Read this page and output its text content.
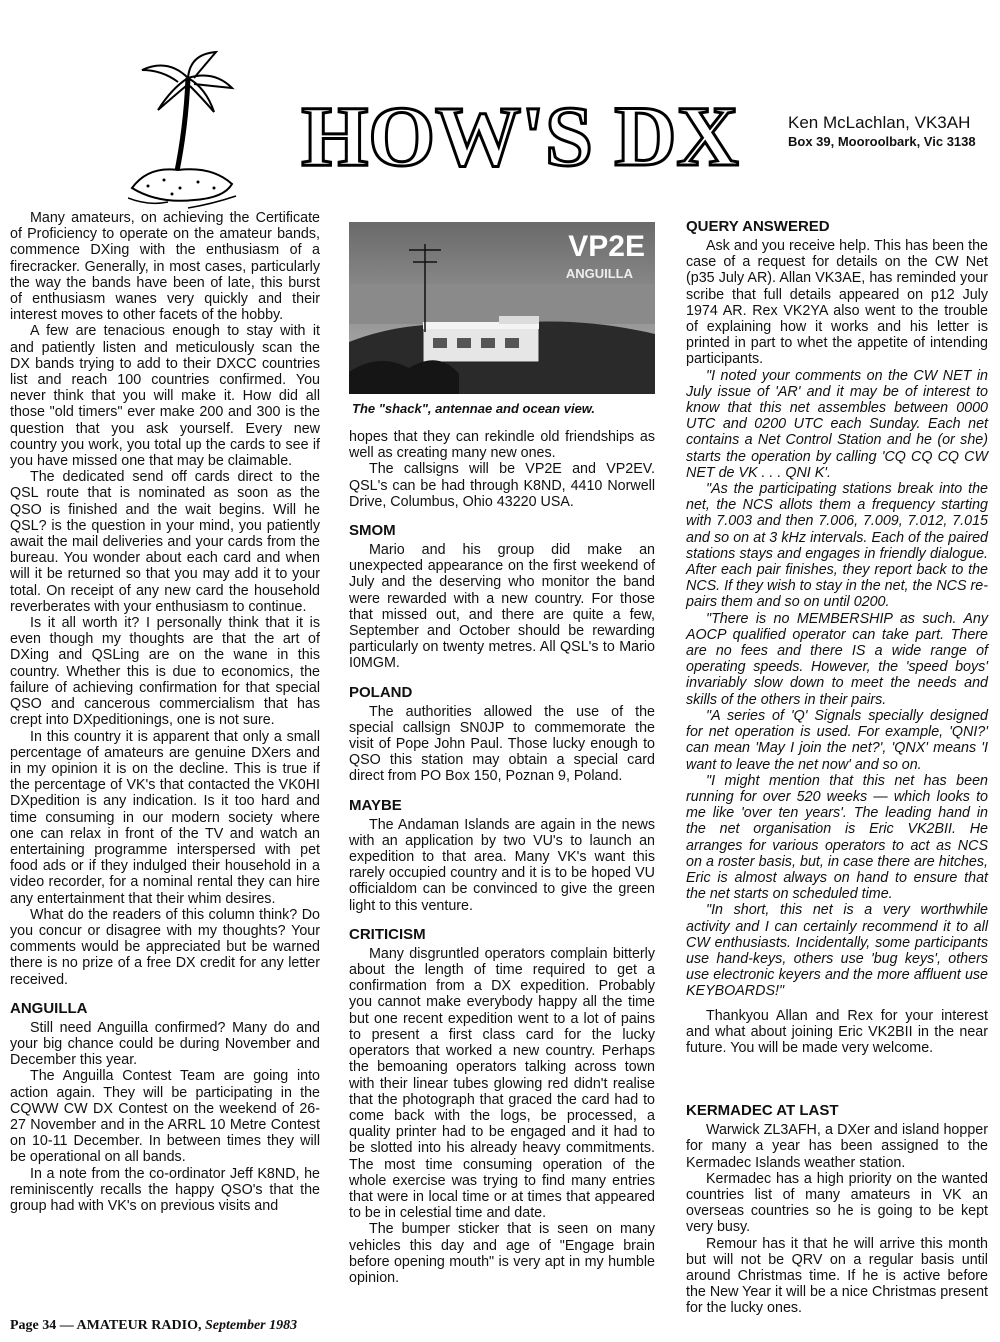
HOW'S DX	Ken McLachlan, VK3AH
Box 39, Mooroolbark, Vic 3138

Many amateurs, on achieving the Certificate of Proficiency to operate on the amateur bands, commence DXing with the enthusiasm of a firecracker. Generally, in most cases, particularly the way the bands have been of late, this burst of enthusiasm wanes very quickly and their interest moves to other facets of the hobby.

A few are tenacious enough to stay with it and patiently listen and meticulously scan the DX bands trying to add to their DXCC countries list and reach 100 countries confirmed. You never think that you will make it. How did all those "old timers" ever make 200 and 300 is the question that you ask yourself. Every new country you work, you total up the cards to see if you have missed one that may be claimable.

The dedicated send off cards direct to the QSL route that is nominated as soon as the QSO is finished and the wait begins. Will he QSL? is the question in your mind, you patiently await the mail deliveries and your cards from the bureau. You wonder about each card and when will it be returned so that you may add it to your total. On receipt of any new card the household reverberates with your enthusiasm to continue.

Is it all worth it? I personally think that it is even though my thoughts are that the art of DXing and QSLing are on the wane in this country. Whether this is due to economics, the failure of achieving confirmation for that special QSO and cancerous commercialism that has crept into DXpeditionings, one is not sure.

In this country it is apparent that only a small percentage of amateurs are genuine DXers and in my opinion it is on the decline. This is true if the percentage of VK's that contacted the VK0HI DXpedition is any indication. Is it too hard and time consuming in our modern society where one can relax in front of the TV and watch an entertaining programme interspersed with pet food ads or if they indulged their household in a video recorder, for a nominal rental they can hire any entertainment that their whim desires.

What do the readers of this column think? Do you concur or disagree with my thoughts? Your comments would be appreciated but be warned there is no prize of a free DX credit for any letter received.

ANGUILLA

Still need Anguilla confirmed? Many do and your big chance could be during November and December this year.

The Anguilla Contest Team are going into action again. They will be participating in the CQWW CW DX Contest on the weekend of 26-27 November and in the ARRL 10 Metre Contest on 10-11 December. In between times they will be operational on all bands.

In a note from the co-ordinator Jeff K8ND, he reminiscently recalls the happy QSO's that the group had with VK's on previous visits and

VP2E
ANGUILLA
The "shack", antennae and ocean view.

hopes that they can rekindle old friendships as well as creating many new ones.

The callsigns will be VP2E and VP2EV. QSL's can be had through K8ND, 4410 Norwell Drive, Columbus, Ohio 43220 USA.

SMOM

Mario and his group did make an unexpected appearance on the first weekend of July and the deserving who monitor the band were rewarded with a new country. For those that missed out, and there are quite a few, September and October should be rewarding particularly on twenty metres. All QSL's to Mario I0MGM.

POLAND

The authorities allowed the use of the special callsign SN0JP to commemorate the visit of Pope John Paul. Those lucky enough to QSO this station may obtain a special card direct from PO Box 150, Poznan 9, Poland.

MAYBE

The Andaman Islands are again in the news with an application by two VU's to launch an expedition to that area. Many VK's want this rarely occupied country and it is to be hoped VU officialdom can be convinced to give the green light to this venture.

CRITICISM

Many disgruntled operators complain bitterly about the length of time required to get a confirmation from a DX expedition. Probably you cannot make everybody happy all the time but one recent expedition went to a lot of pains to present a first class card for the lucky operators that worked a new country. Perhaps the bemoaning operators talking across town with their linear tubes glowing red didn't realise that the photograph that graced the card had to come back with the logs, be processed, a quality printer had to be engaged and it had to be slotted into his already heavy commitments. The most time consuming operation of the whole exercise was trying to find many entries that were in local time or at times that appeared to be in celestial time and date.

The bumper sticker that is seen on many vehicles this day and age of "Engage brain before opening mouth" is very apt in my humble opinion.

QUERY ANSWERED

Ask and you receive help. This has been the case of a request for details on the CW Net (p35 July AR). Allan VK3AE, has reminded your scribe that full details appeared on p12 July 1974 AR. Rex VK2YA also went to the trouble of explaining how it works and his letter is printed in part to whet the appetite of intending participants.

"I noted your comments on the CW NET in July issue of 'AR' and it may be of interest to know that this net assembles between 0000 UTC and 0200 UTC each Sunday. Each net contains a Net Control Station and he (or she) starts the operation by calling 'CQ CQ CQ CW NET de VK . . . QNI K'.

"As the participating stations break into the net, the NCS allots them a frequency starting with 7.003 and then 7.006, 7.009, 7.012, 7.015 and so on at 3 kHz intervals. Each of the paired stations stays and engages in friendly dialogue. After each pair finishes, they report back to the NCS. If they wish to stay in the net, the NCS re-pairs them and so on until 0200.

"There is no MEMBERSHIP as such. Any AOCP qualified operator can take part. There are no fees and there IS a wide range of operating speeds. However, the 'speed boys' invariably slow down to meet the needs and skills of the others in their pairs.

"A series of 'Q' Signals specially designed for net operation is used. For example, 'QNI?' can mean 'May I join the net?', 'QNX' means 'I want to leave the net now' and so on.

"I might mention that this net has been running for over 520 weeks — which looks to me like 'over ten years'. The leading hand in the net organisation is Eric VK2BII. He arranges for various operators to act as NCS on a roster basis, but, in case there are hitches, Eric is almost always on hand to ensure that the net starts on scheduled time.

"In short, this net is a very worthwhile activity and I can certainly recommend it to all CW enthusiasts. Incidentally, some participants use hand-keys, others use 'bug keys', others use electronic keyers and the more affluent use KEYBOARDS!"

Thankyou Allan and Rex for your interest and what about joining Eric VK2BII in the near future. You will be made very welcome.

KERMADEC AT LAST

Warwick ZL3AFH, a DXer and island hopper for many a year has been assigned to the Kermadec Islands weather station.

Kermadec has a high priority on the wanted countries list of many amateurs in VK an overseas countries so he is going to be kept very busy.

Remour has it that he will arrive this month but will not be QRV on a regular basis until around Christmas time. If he is active before the New Year it will be a nice Christmas present for the lucky ones.

Page 34 — AMATEUR RADIO, September 1983
